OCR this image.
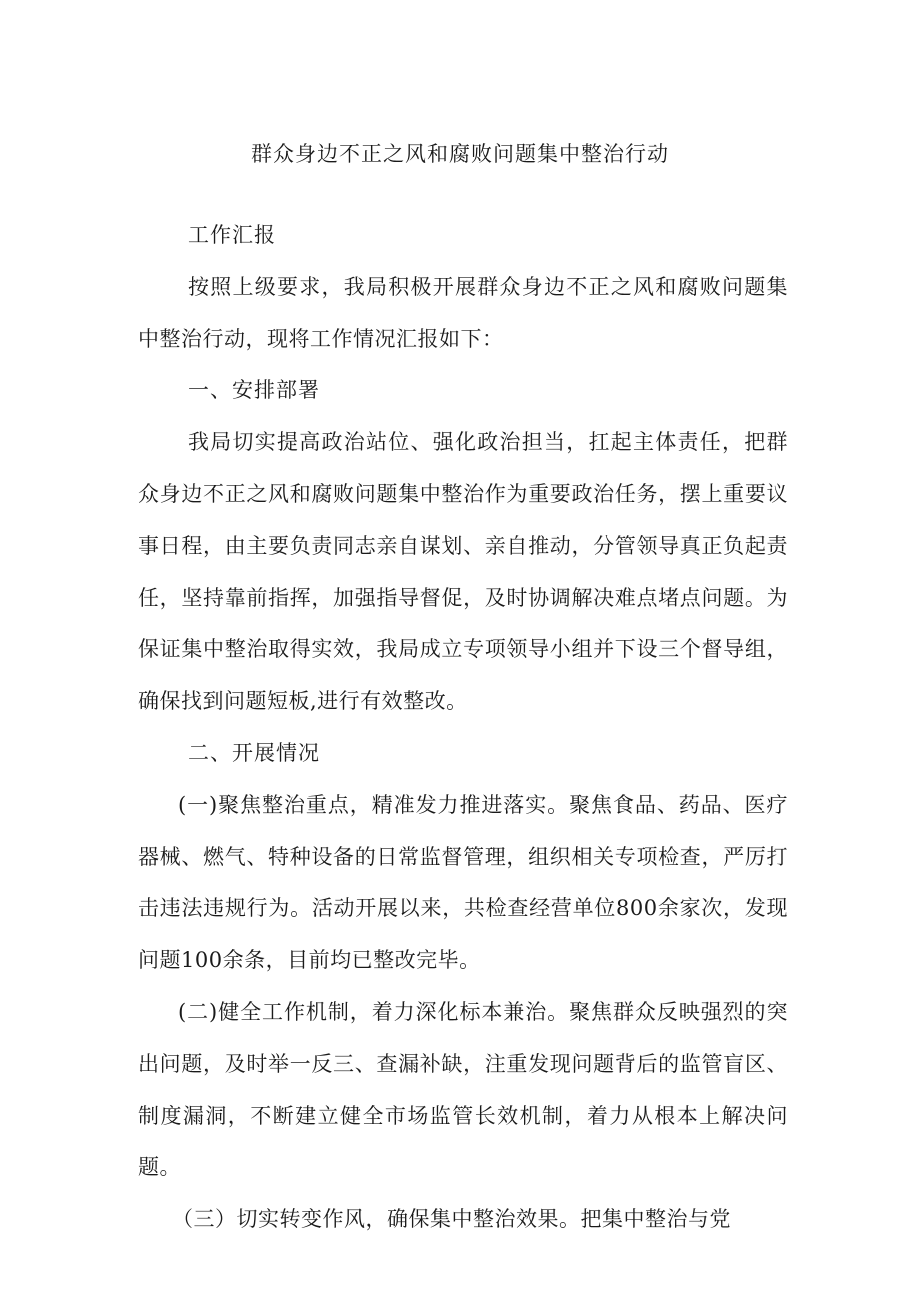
群众身边不正之风和腐败问题集中整治行动

工作汇报

按照上级要求，我局积极开展群众身边不正之风和腐败问题集中整治行动，现将工作情况汇报如下：

一、安排部署

我局切实提高政治站位、强化政治担当，扛起主体责任，把群众身边不正之风和腐败问题集中整治作为重要政治任务，摆上重要议事日程，由主要负责同志亲自谋划、亲自推动，分管领导真正负起责任，坚持靠前指挥，加强指导督促，及时协调解决难点堵点问题。为保证集中整治取得实效，我局成立专项领导小组并下设三个督导组，确保找到问题短板,进行有效整改。

二、开展情况

(一)聚焦整治重点，精准发力推进落实。聚焦食品、药品、医疗器械、燃气、特种设备的日常监督管理，组织相关专项检查，严厉打击违法违规行为。活动开展以来，共检查经营单位800余家次，发现问题100余条，目前均已整改完毕。

(二)健全工作机制，着力深化标本兼治。聚焦群众反映强烈的突出问题，及时举一反三、查漏补缺，注重发现问题背后的监管盲区、制度漏洞，不断建立健全市场监管长效机制，着力从根本上解决问题。

（三）切实转变作风，确保集中整治效果。把集中整治与党
